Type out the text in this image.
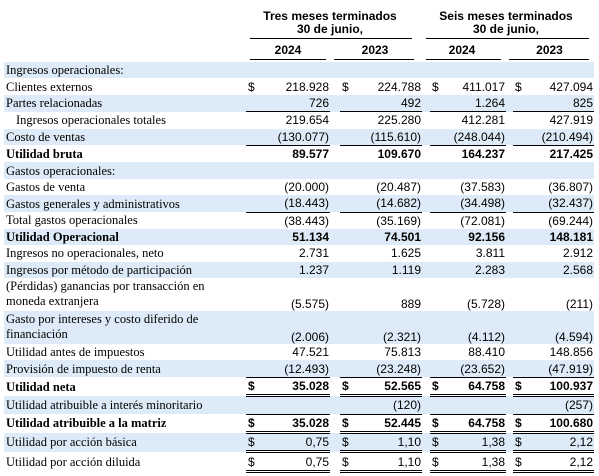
Tres meses terminados
30 de junio,
Seis meses terminados
30 de junio,
2024	2023	2024	2023
Ingresos operacionales:											
Clientes externos	$	218.928		$	224.788		$	411.017		$	427.094
Partes relacionadas		726			492			1.264			825
Ingresos operacionales totales		219.654			225.280			412.281			427.919
Costo de ventas		(130.077)			(115.610)			(248.044)			(210.494)
Utilidad bruta		89.577			109.670			164.237			217.425
Gastos operacionales:											
Gastos de venta		(20.000)			(20.487)			(37.583)			(36.807)
Gastos generales y administrativos		(18.443)			(14.682)			(34.498)			(32.437)
Total gastos operacionales		(38.443)			(35.169)			(72.081)			(69.244)
Utilidad Operacional		51.134			74.501			92.156			148.181
Ingresos no operacionales, neto		2.731			1.625			3.811			2.912
Ingresos por método de participación		1.237			1.119			2.283			2.568
(Pérdidas) ganancias por transacción en moneda extranjera		(5.575)			889			(5.728)			(211)
Gasto por intereses y costo diferido de financiación		(2.006)			(2.321)			(4.112)			(4.594)
Utilidad antes de impuestos		47.521			75.813			88.410			148.856
Provisión de impuesto de renta		(12.493)			(23.248)			(23.652)			(47.919)
Utilidad neta	$	35.028		$	52.565		$	64.758		$	100.937
Utilidad atribuible a interés minoritario					(120)						(257)
Utilidad atribuible a la matriz	$	35.028		$	52.445		$	64.758		$	100.680
Utilidad por acción básica	$	0,75		$	1,10		$	1,38		$	2,12
Utilidad por acción diluida	$	0,75		$	1,10		$	1,38		$	2,12
